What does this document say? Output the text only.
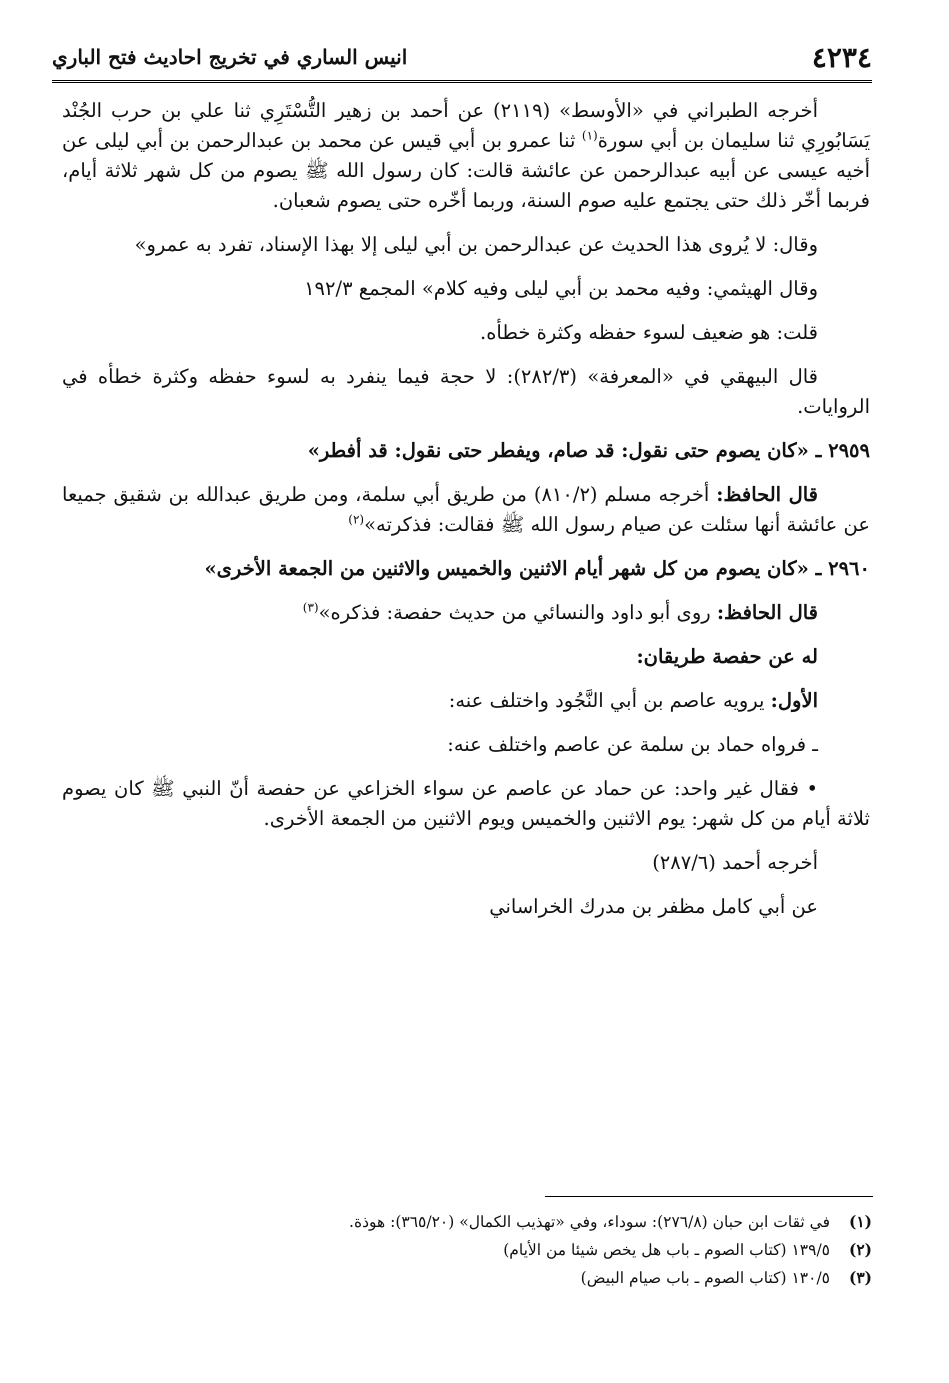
٤٢٣٤
انيس الساري في تخريج احاديث فتح الباري

أخرجه الطبراني في «الأوسط» (٢١١٩) عن أحمد بن زهير التُّسْتَرِي ثنا علي بن حرب الجُنْد يَسَابُورِي ثنا سليمان بن أبي سورة$^{(١)}$ ثنا عمرو بن أبي قيس عن محمد بن عبدالرحمن بن أبي ليلى عن أخيه عيسى عن أبيه عبدالرحمن عن عائشة قالت: كان رسول الله ﷺ يصوم من كل شهر ثلاثة أيام، فربما أخّر ذلك حتى يجتمع عليه صوم السنة، وربما أخّره حتى يصوم شعبان.

وقال: لا يُروى هذا الحديث عن عبدالرحمن بن أبي ليلى إلا بهذا الإسناد، تفرد به عمرو»

وقال الهيثمي: وفيه محمد بن أبي ليلى وفيه كلام» المجمع ١٩٢/٣

قلت: هو ضعيف لسوء حفظه وكثرة خطأه.

قال البيهقي في «المعرفة» (٢٨٢/٣): لا حجة فيما ينفرد به لسوء حفظه وكثرة خطأه في الروايات.

٢٩٥٩ ـ «كان يصوم حتى نقول: قد صام، ويفطر حتى نقول: قد أفطر»

قال الحافظ: أخرجه مسلم (٨١٠/٢) من طريق أبي سلمة، ومن طريق عبدالله بن شقيق جميعا عن عائشة أنها سئلت عن صيام رسول الله ﷺ فقالت: فذكرته»$^{(٢)}$

٢٩٦٠ ـ «كان يصوم من كل شهر أيام الاثنين والخميس والاثنين من الجمعة الأخرى»

قال الحافظ: روى أبو داود والنسائي من حديث حفصة: فذكره»$^{(٣)}$

له عن حفصة طريقان:

الأول: يرويه عاصم بن أبي النَّجُود واختلف عنه:

ـ فرواه حماد بن سلمة عن عاصم واختلف عنه:

• فقال غير واحد: عن حماد عن عاصم عن سواء الخزاعي عن حفصة أنّ النبي ﷺ كان يصوم ثلاثة أيام من كل شهر: يوم الاثنين والخميس ويوم الاثنين من الجمعة الأخرى.

أخرجه أحمد (٢٨٧/٦)

عن أبي كامل مظفر بن مدرك الخراساني

(١)
في ثقات ابن حبان (٢٧٦/٨): سوداء، وفي «تهذيب الكمال» (٣٦٥/٢٠): هوذة.
(٢)
١٣٩/٥ (كتاب الصوم ـ باب هل يخص شيئا من الأيام)
(٣)
١٣٠/٥ (كتاب الصوم ـ باب صيام البيض)
